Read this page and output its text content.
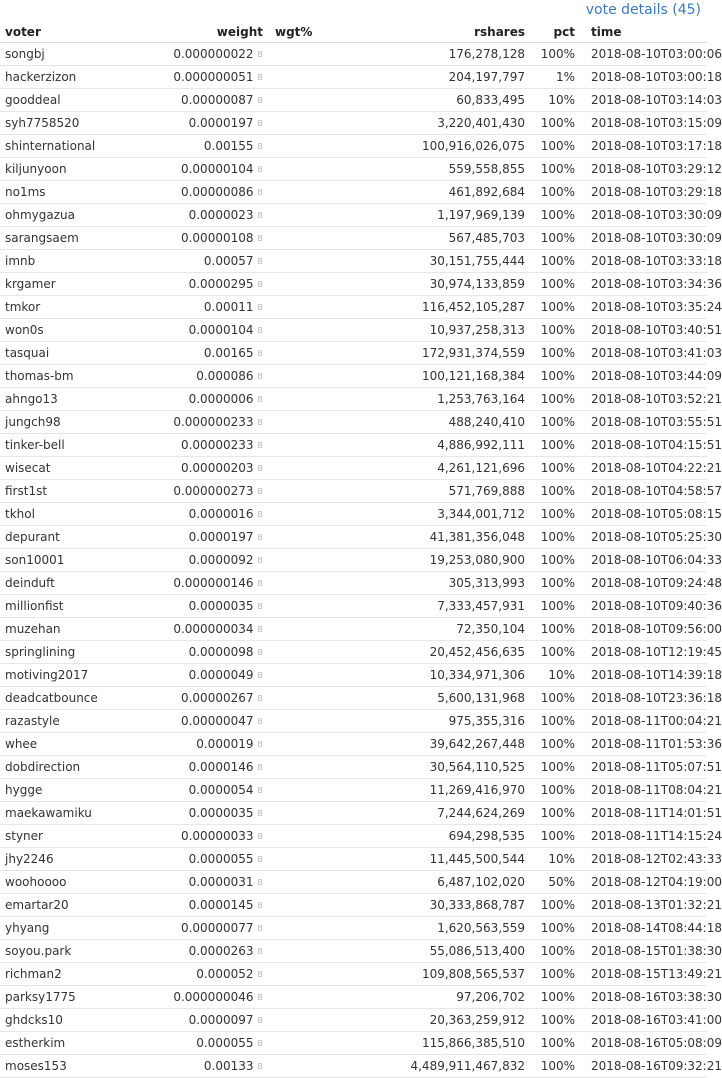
vote details (45)
voter	weight	wgt%	rshares	pct	time
songbj	0.000000022 B		176,278,128	100%	2018-08-10T03:00:06
hackerzizon	0.000000051 B		204,197,797	1%	2018-08-10T03:00:18
gooddeal	0.00000087 B		60,833,495	10%	2018-08-10T03:14:03
syh7758520	0.0000197 B		3,220,401,430	100%	2018-08-10T03:15:09
shinternational	0.00155 B		100,916,026,075	100%	2018-08-10T03:17:18
kiljunyoon	0.00000104 B		559,558,855	100%	2018-08-10T03:29:12
no1ms	0.00000086 B		461,892,684	100%	2018-08-10T03:29:18
ohmygazua	0.0000023 B		1,197,969,139	100%	2018-08-10T03:30:09
sarangsaem	0.00000108 B		567,485,703	100%	2018-08-10T03:30:09
imnb	0.00057 B		30,151,755,444	100%	2018-08-10T03:33:18
krgamer	0.0000295 B		30,974,133,859	100%	2018-08-10T03:34:36
tmkor	0.00011 B		116,452,105,287	100%	2018-08-10T03:35:24
won0s	0.0000104 B		10,937,258,313	100%	2018-08-10T03:40:51
tasquai	0.00165 B		172,931,374,559	100%	2018-08-10T03:41:03
thomas-bm	0.000086 B		100,121,168,384	100%	2018-08-10T03:44:09
ahngo13	0.0000006 B		1,253,763,164	100%	2018-08-10T03:52:21
jungch98	0.000000233 B		488,240,410	100%	2018-08-10T03:55:51
tinker-bell	0.00000233 B		4,886,992,111	100%	2018-08-10T04:15:51
wisecat	0.00000203 B		4,261,121,696	100%	2018-08-10T04:22:21
first1st	0.000000273 B		571,769,888	100%	2018-08-10T04:58:57
tkhol	0.0000016 B		3,344,001,712	100%	2018-08-10T05:08:15
depurant	0.0000197 B		41,381,356,048	100%	2018-08-10T05:25:30
son10001	0.0000092 B		19,253,080,900	100%	2018-08-10T06:04:33
deinduft	0.000000146 B		305,313,993	100%	2018-08-10T09:24:48
millionfist	0.0000035 B		7,333,457,931	100%	2018-08-10T09:40:36
muzehan	0.000000034 B		72,350,104	100%	2018-08-10T09:56:00
springlining	0.0000098 B		20,452,456,635	100%	2018-08-10T12:19:45
motiving2017	0.0000049 B		10,334,971,306	10%	2018-08-10T14:39:18
deadcatbounce	0.00000267 B		5,600,131,968	100%	2018-08-10T23:36:18
razastyle	0.00000047 B		975,355,316	100%	2018-08-11T00:04:21
whee	0.000019 B		39,642,267,448	100%	2018-08-11T01:53:36
dobdirection	0.0000146 B		30,564,110,525	100%	2018-08-11T05:07:51
hygge	0.0000054 B		11,269,416,970	100%	2018-08-11T08:04:21
maekawamiku	0.0000035 B		7,244,624,269	100%	2018-08-11T14:01:51
styner	0.00000033 B		694,298,535	100%	2018-08-11T14:15:24
jhy2246	0.0000055 B		11,445,500,544	10%	2018-08-12T02:43:33
woohoooo	0.0000031 B		6,487,102,020	50%	2018-08-12T04:19:00
emartar20	0.0000145 B		30,333,868,787	100%	2018-08-13T01:32:21
yhyang	0.00000077 B		1,620,563,559	100%	2018-08-14T08:44:18
soyou.park	0.0000263 B		55,086,513,400	100%	2018-08-15T01:38:30
richman2	0.000052 B		109,808,565,537	100%	2018-08-15T13:49:21
parksy1775	0.000000046 B		97,206,702	100%	2018-08-16T03:38:30
ghdcks10	0.0000097 B		20,363,259,912	100%	2018-08-16T03:41:00
estherkim	0.000055 B		115,866,385,510	100%	2018-08-16T05:08:09
moses153	0.00133 B		4,489,911,467,832	100%	2018-08-16T09:32:21
